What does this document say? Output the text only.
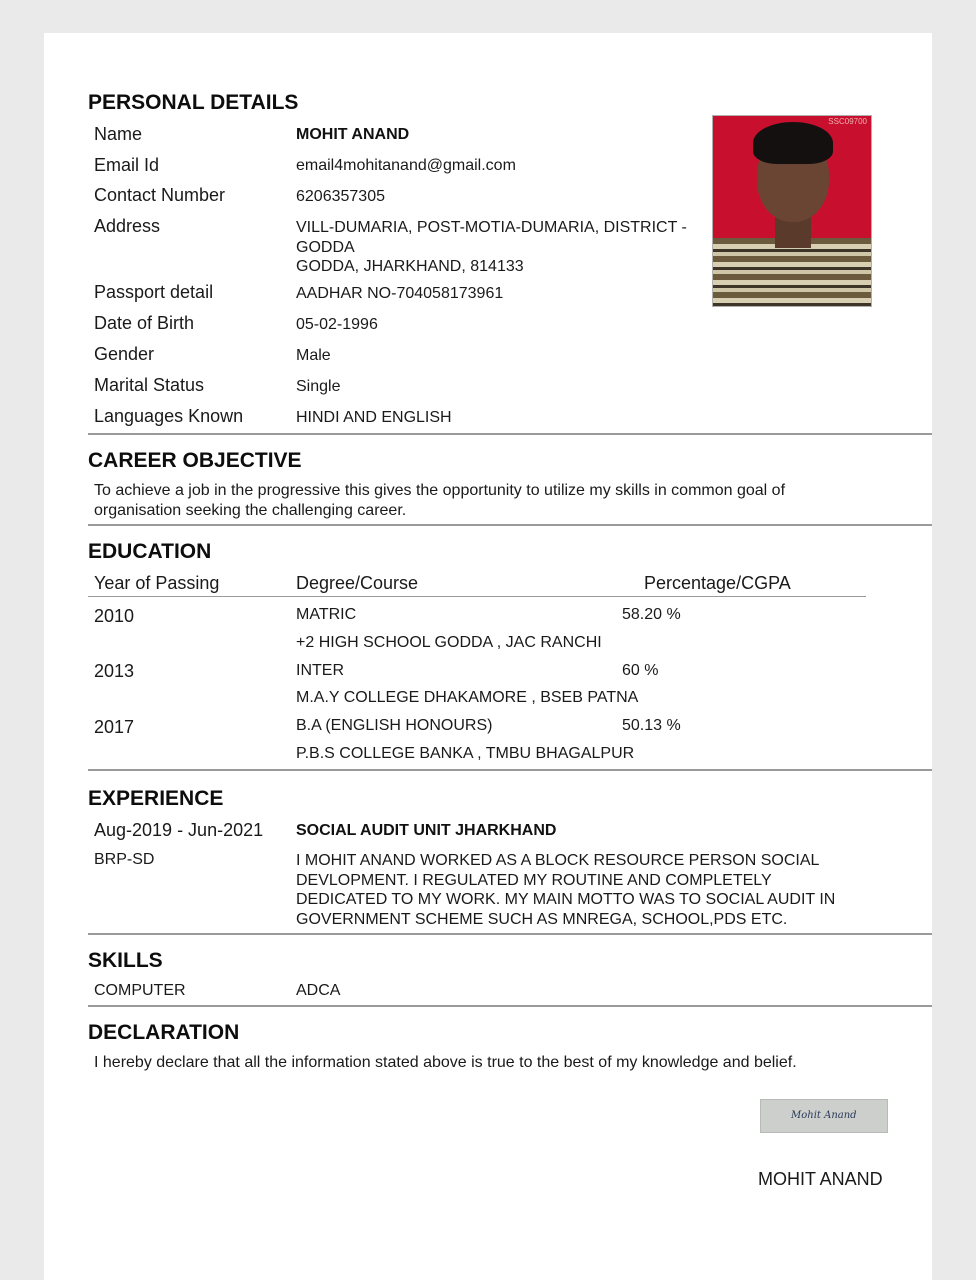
PERSONAL DETAILS
Name	MOHIT ANAND
Email Id	email4mohitanand@gmail.com
Contact Number	6206357305
Address	VILL-DUMARIA, POST-MOTIA-DUMARIA, DISTRICT -GODDA
GODDA, JHARKHAND, 814133
Passport detail	AADHAR NO-704058173961
Date of Birth	05-02-1996
Gender	Male
Marital Status	Single
Languages Known	HINDI AND ENGLISH
SSC09700
CAREER OBJECTIVE
To achieve a job in the progressive this gives the opportunity to utilize my skills in common goal of organisation seeking the challenging career.
EDUCATION
Year of Passing	Degree/Course	Percentage/CGPA
2010	MATRIC	58.20 %
+2 HIGH SCHOOL GODDA , JAC RANCHI
2013	INTER	60 %
M.A.Y COLLEGE DHAKAMORE , BSEB PATNA
2017	B.A (ENGLISH HONOURS)	50.13 %
P.B.S COLLEGE BANKA , TMBU BHAGALPUR
EXPERIENCE
Aug-2019 - Jun-2021 SOCIAL AUDIT UNIT JHARKHAND
BRP-SD	I MOHIT ANAND WORKED AS A BLOCK RESOURCE PERSON SOCIAL DEVLOPMENT. I REGULATED MY ROUTINE AND COMPLETELY DEDICATED TO MY WORK. MY MAIN MOTTO WAS TO SOCIAL AUDIT IN GOVERNMENT SCHEME SUCH AS MNREGA, SCHOOL,PDS ETC.
SKILLS
COMPUTER	ADCA
DECLARATION
I hereby declare that all the information stated above is true to the best of my knowledge and belief.
Mohit Anand
MOHIT ANAND
